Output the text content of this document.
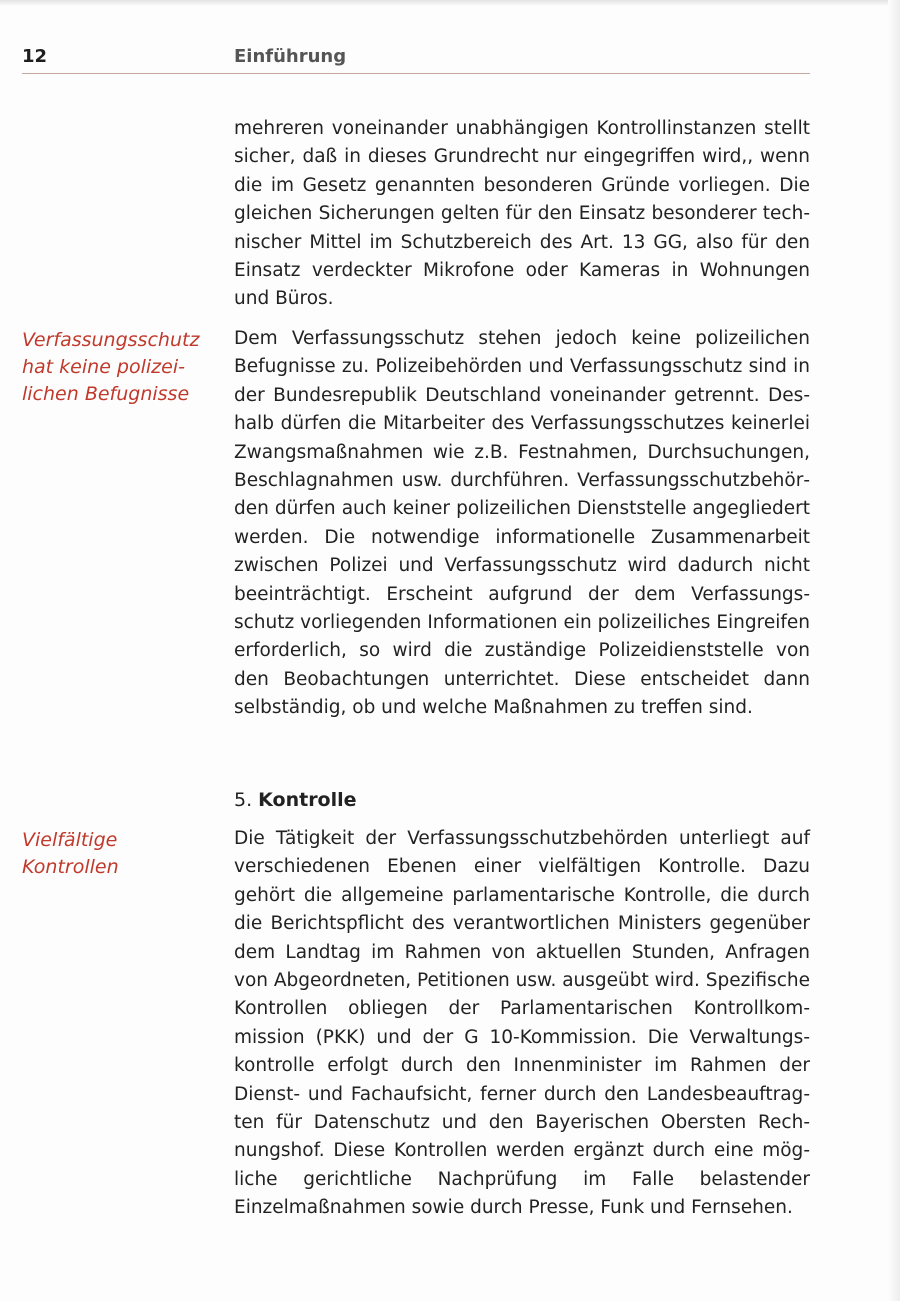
12	Einführung

mehreren voneinander unabhängigen Kontrollinstanzen stellt sicher, daß in dieses Grundrecht nur eingegriffen wird,, wenn die im Gesetz genannten besonderen Gründe vorliegen. Die gleichen Sicherungen gelten für den Einsatz besonderer technischer Mittel im Schutzbereich des Art. 13 GG, also für den Einsatz verdeckter Mikrofone oder Kameras in Wohnungen und Büros.

Verfassungsschutz
hat keine polizei-
lichen Befugnisse

Dem Verfassungsschutz stehen jedoch keine polizeilichen Befugnisse zu. Polizeibehörden und Verfassungsschutz sind in der Bundesrepublik Deutschland voneinander getrennt. Deshalb dürfen die Mitarbeiter des Verfassungsschutzes keinerlei Zwangsmaßnahmen wie z.B. Festnahmen, Durchsuchungen, Beschlagnahmen usw. durchführen. Verfassungsschutzbehörden dürfen auch keiner polizeilichen Dienststelle angegliedert werden. Die notwendige informationelle Zusammenarbeit zwischen Polizei und Verfassungsschutz wird dadurch nicht beeinträchtigt. Erscheint aufgrund der dem Verfassungsschutz vorliegenden Informationen ein polizeiliches Eingreifen erforderlich, so wird die zuständige Polizeidienststelle von den Beobachtungen unterrichtet. Diese entscheidet dann selbständig, ob und welche Maßnahmen zu treffen sind.

5. Kontrolle
Vielfältige
Kontrollen

Die Tätigkeit der Verfassungsschutzbehörden unterliegt auf verschiedenen Ebenen einer vielfältigen Kontrolle. Dazu gehört die allgemeine parlamentarische Kontrolle, die durch die Berichtspflicht des verantwortlichen Ministers gegenüber dem Landtag im Rahmen von aktuellen Stunden, Anfragen von Abgeordneten, Petitionen usw. ausgeübt wird. Spezifische Kontrollen obliegen der Parlamentarischen Kontrollkommission (PKK) und der G 10-Kommission. Die Verwaltungskontrolle erfolgt durch den Innenminister im Rahmen der Dienst- und Fachaufsicht, ferner durch den Landesbeauftragten für Datenschutz und den Bayerischen Obersten Rechnungshof. Diese Kontrollen werden ergänzt durch eine mögliche gerichtliche Nachprüfung im Falle belastender Einzelmaßnahmen sowie durch Presse, Funk und Fernsehen.
